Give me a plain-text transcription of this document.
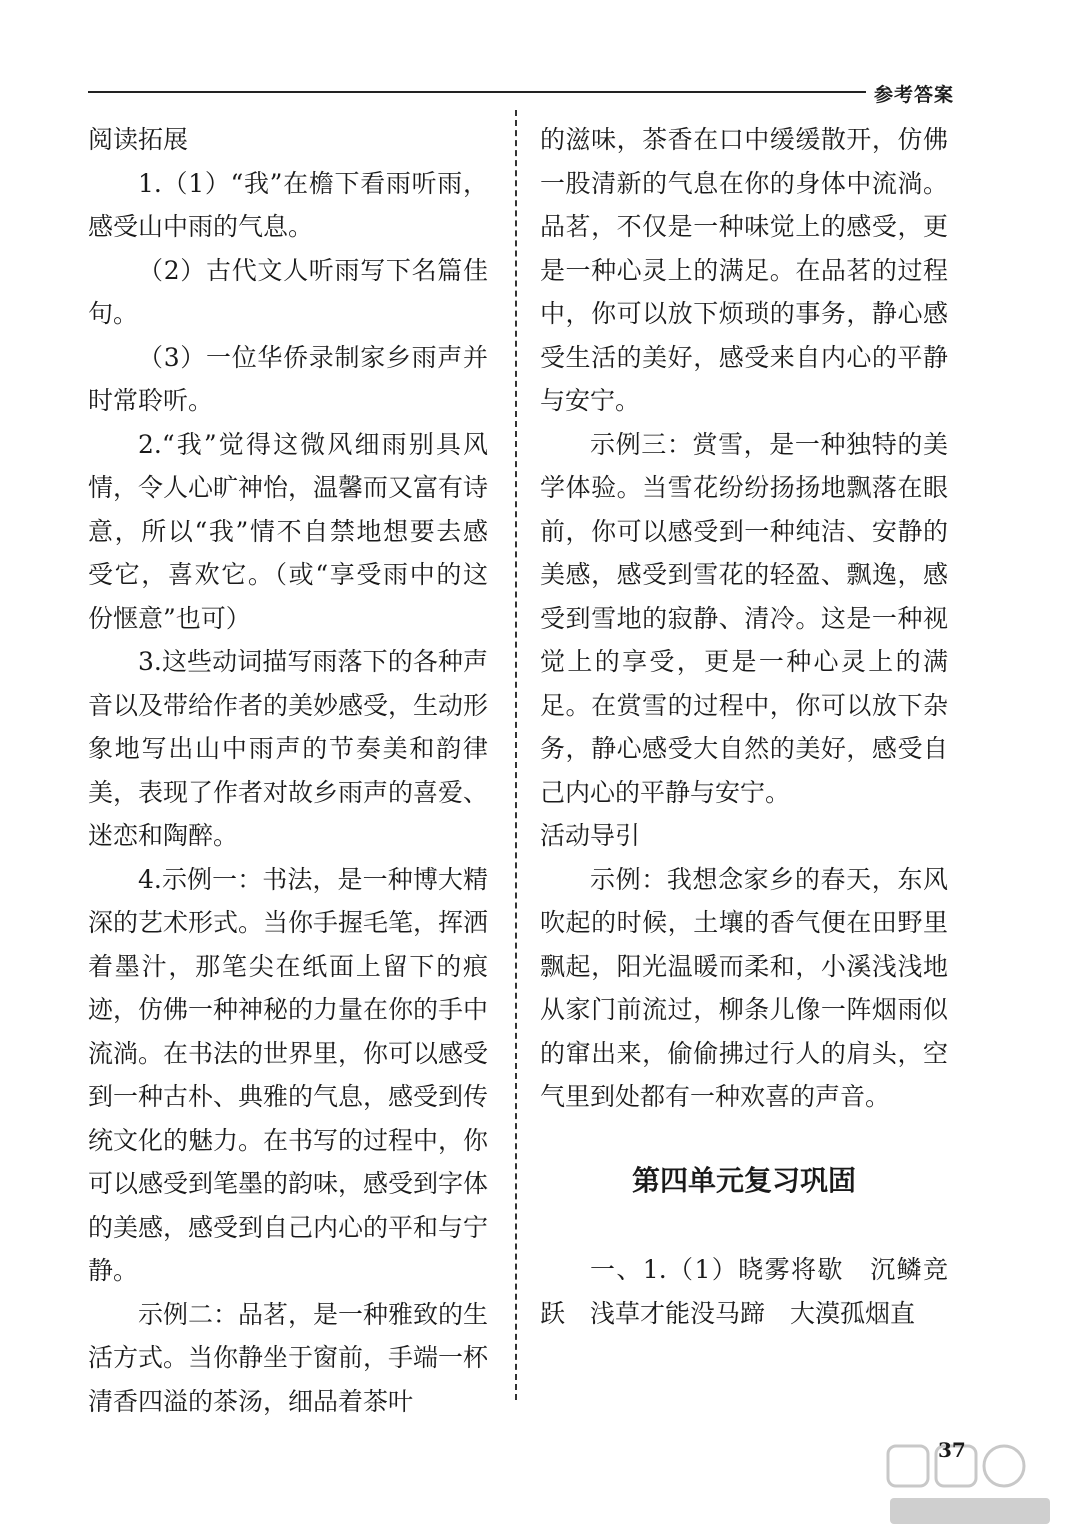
参考答案

阅读拓展

1.（1）“我”在檐下看雨听雨，感受山中雨的气息。

（2）古代文人听雨写下名篇佳句。

（3）一位华侨录制家乡雨声并时常聆听。

2.“我”觉得这微风细雨别具风情，令人心旷神怡，温馨而又富有诗意，所以“我”情不自禁地想要去感受它，喜欢它。（或“享受雨中的这份惬意”也可）

3.这些动词描写雨落下的各种声音以及带给作者的美妙感受，生动形象地写出山中雨声的节奏美和韵律美，表现了作者对故乡雨声的喜爱、迷恋和陶醉。

4.示例一：书法，是一种博大精深的艺术形式。当你手握毛笔，挥洒着墨汁，那笔尖在纸面上留下的痕迹，仿佛一种神秘的力量在你的手中流淌。在书法的世界里，你可以感受到一种古朴、典雅的气息，感受到传统文化的魅力。在书写的过程中，你可以感受到笔墨的韵味，感受到字体的美感，感受到自己内心的平和与宁静。

示例二：品茗，是一种雅致的生活方式。当你静坐于窗前，手端一杯清香四溢的茶汤，细品着茶叶

的滋味，茶香在口中缓缓散开，仿佛一股清新的气息在你的身体中流淌。品茗，不仅是一种味觉上的感受，更是一种心灵上的满足。在品茗的过程中，你可以放下烦琐的事务，静心感受生活的美好，感受来自内心的平静与安宁。

示例三：赏雪，是一种独特的美学体验。当雪花纷纷扬扬地飘落在眼前，你可以感受到一种纯洁、安静的美感，感受到雪花的轻盈、飘逸，感受到雪地的寂静、清冷。这是一种视觉上的享受，更是一种心灵上的满足。在赏雪的过程中，你可以放下杂务，静心感受大自然的美好，感受自己内心的平静与安宁。

活动导引

示例：我想念家乡的春天，东风吹起的时候，土壤的香气便在田野里飘起，阳光温暖而柔和，小溪浅浅地从家门前流过，柳条儿像一阵烟雨似的窜出来，偷偷拂过行人的肩头，空气里到处都有一种欢喜的声音。

第四单元复习巩固

一、1.（1）晓雾将歇　沉鳞竞跃　浅草才能没马蹄　大漠孤烟直

37
